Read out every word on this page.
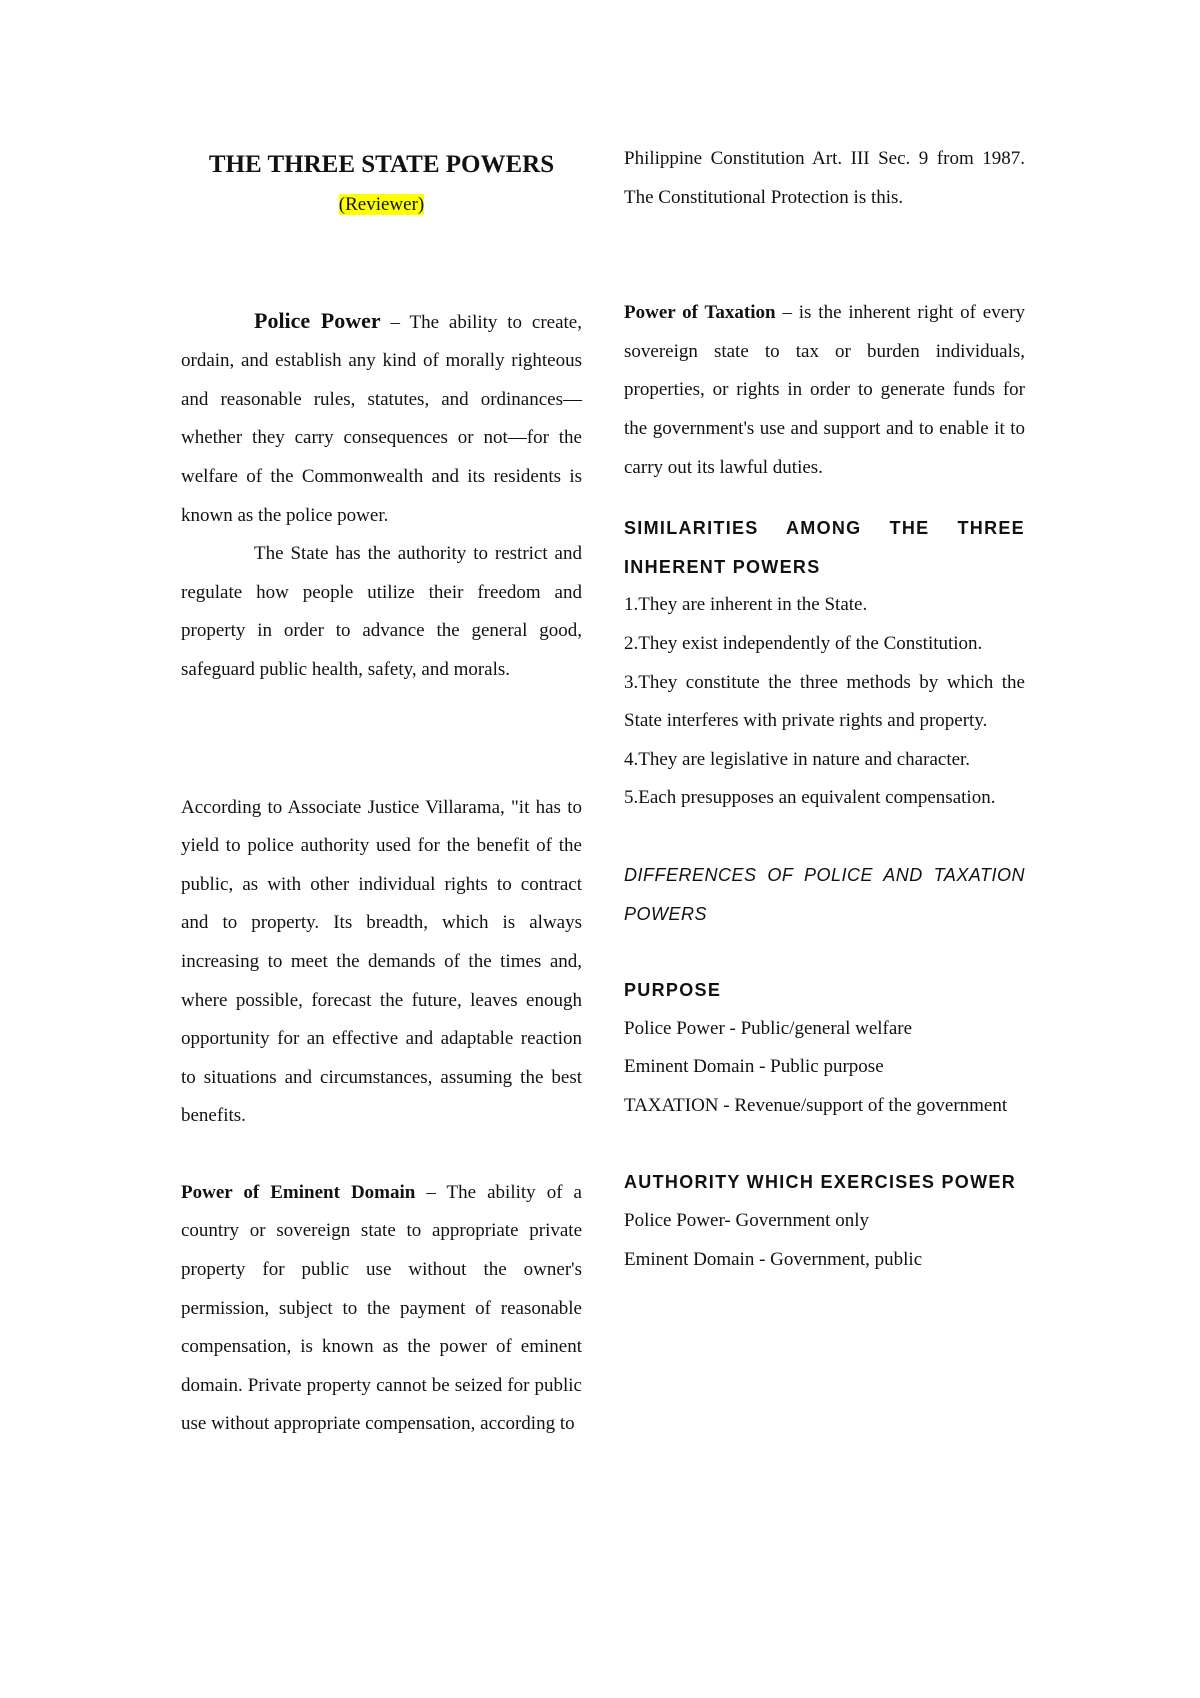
THE THREE STATE POWERS

(Reviewer)

Police Power – The ability to create, ordain, and establish any kind of morally righteous and reasonable rules, statutes, and ordinances—whether they carry consequences or not—for the welfare of the Commonwealth and its residents is known as the police power.

The State has the authority to restrict and regulate how people utilize their freedom and property in order to advance the general good, safeguard public health, safety, and morals.

According to Associate Justice Villarama, "it has to yield to police authority used for the benefit of the public, as with other individual rights to contract and to property. Its breadth, which is always increasing to meet the demands of the times and, where possible, forecast the future, leaves enough opportunity for an effective and adaptable reaction to situations and circumstances, assuming the best benefits.

Power of Eminent Domain – The ability of a country or sovereign state to appropriate private property for public use without the owner's permission, subject to the payment of reasonable compensation, is known as the power of eminent domain. Private property cannot be seized for public use without appropriate compensation, according to

Philippine Constitution Art. III Sec. 9 from 1987. The Constitutional Protection is this.

Power of Taxation – is the inherent right of every sovereign state to tax or burden individuals, properties, or rights in order to generate funds for the government's use and support and to enable it to carry out its lawful duties.

SIMILARITIES AMONG THE THREE INHERENT POWERS

1.They are inherent in the State.

2.They exist independently of the Constitution.

3.They constitute the three methods by which the State interferes with private rights and property.

4.They are legislative in nature and character.

5.Each presupposes an equivalent compensation.

DIFFERENCES OF POLICE AND TAXATION POWERS

PURPOSE

Police Power - Public/general welfare

Eminent Domain - Public purpose

TAXATION - Revenue/support of the government

AUTHORITY WHICH EXERCISES POWER

Police Power- Government only

Eminent Domain - Government, public
